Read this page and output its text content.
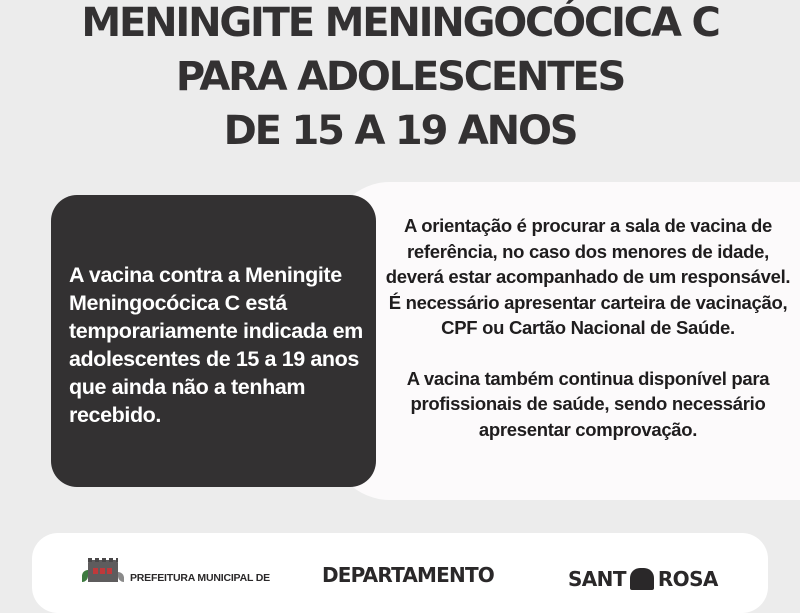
MENINGITE MENINGOCÓCICA C
PARA ADOLESCENTES
DE 15 A 19 ANOS

A orientação é procurar a sala de vacina de referência, no caso dos menores de idade, deverá estar acompanhado de um responsável. É necessário apresentar carteira de vacinação, CPF ou Cartão Nacional de Saúde.

A vacina também continua disponível para profissionais de saúde, sendo necessário apresentar comprovação.

A vacina contra a Meningite Meningocócica C está temporariamente indicada em adolescentes de 15 a 19 anos que ainda não a tenham recebido.

PREFEITURA MUNICIPAL DE	DEPARTAMENTO	SANT ROSA
